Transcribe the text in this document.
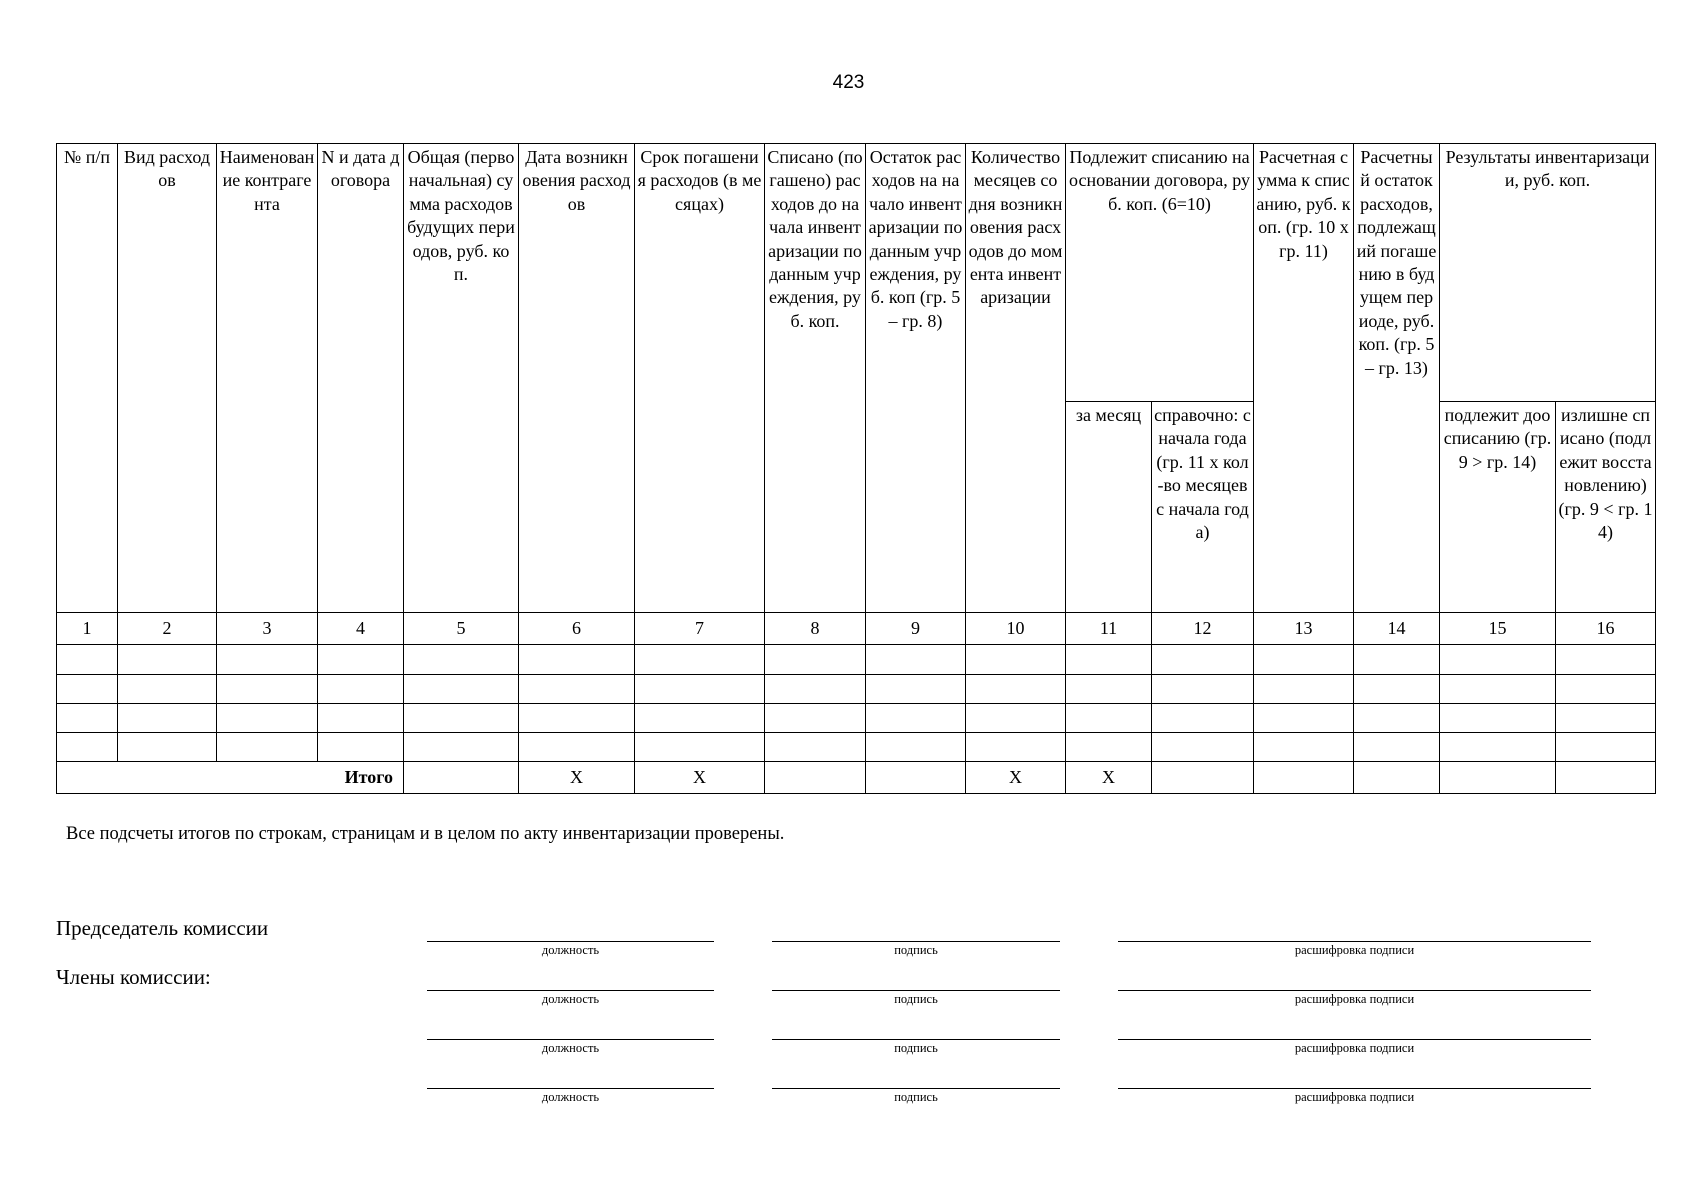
423
№ п/п	Вид расходов	Наименование контрагента	N и дата договора	Общая (первоначальная) сумма расходов будущих периодов, руб. коп.	Дата возникновения расходов	Срок погашения расходов (в месяцах)	Списано (погашено) расходов до начала инвентаризации по данным учреждения, руб. коп.	Остаток расходов на начало инвентаризации по данным учреждения, руб. коп (гр. 5 – гр. 8)	Количество месяцев со дня возникновения расходов до момента инвентаризации	Подлежит списанию на основании договора, руб. коп. (6=10)		Расчетная сумма к списанию, руб. коп. (гр. 10 х гр. 11)	Расчетный остаток расходов, подлежащий погашению в будущем периоде, руб. коп. (гр. 5 – гр. 13)	Результаты инвентаризации, руб. коп.	
										за месяц	справочно: с начала года (гр. 11 х кол-во месяцев с начала года)			подлежит доосписанию (гр. 9 > гр. 14)	излишне списано (подлежит восстановлению) (гр. 9 < гр. 14)
1	2	3	4	5	6	7	8	9	10	11	12	13	14	15	16

Итого					X	X			X	X					
Все подсчеты итогов по строкам, страницам и в целом по акту инвентаризации проверены.
Председатель комиссии
Члены комиссии:
должность	подпись	расшифровка подписи
должность	подпись	расшифровка подписи
должность	подпись	расшифровка подписи
должность	подпись	расшифровка подписи
